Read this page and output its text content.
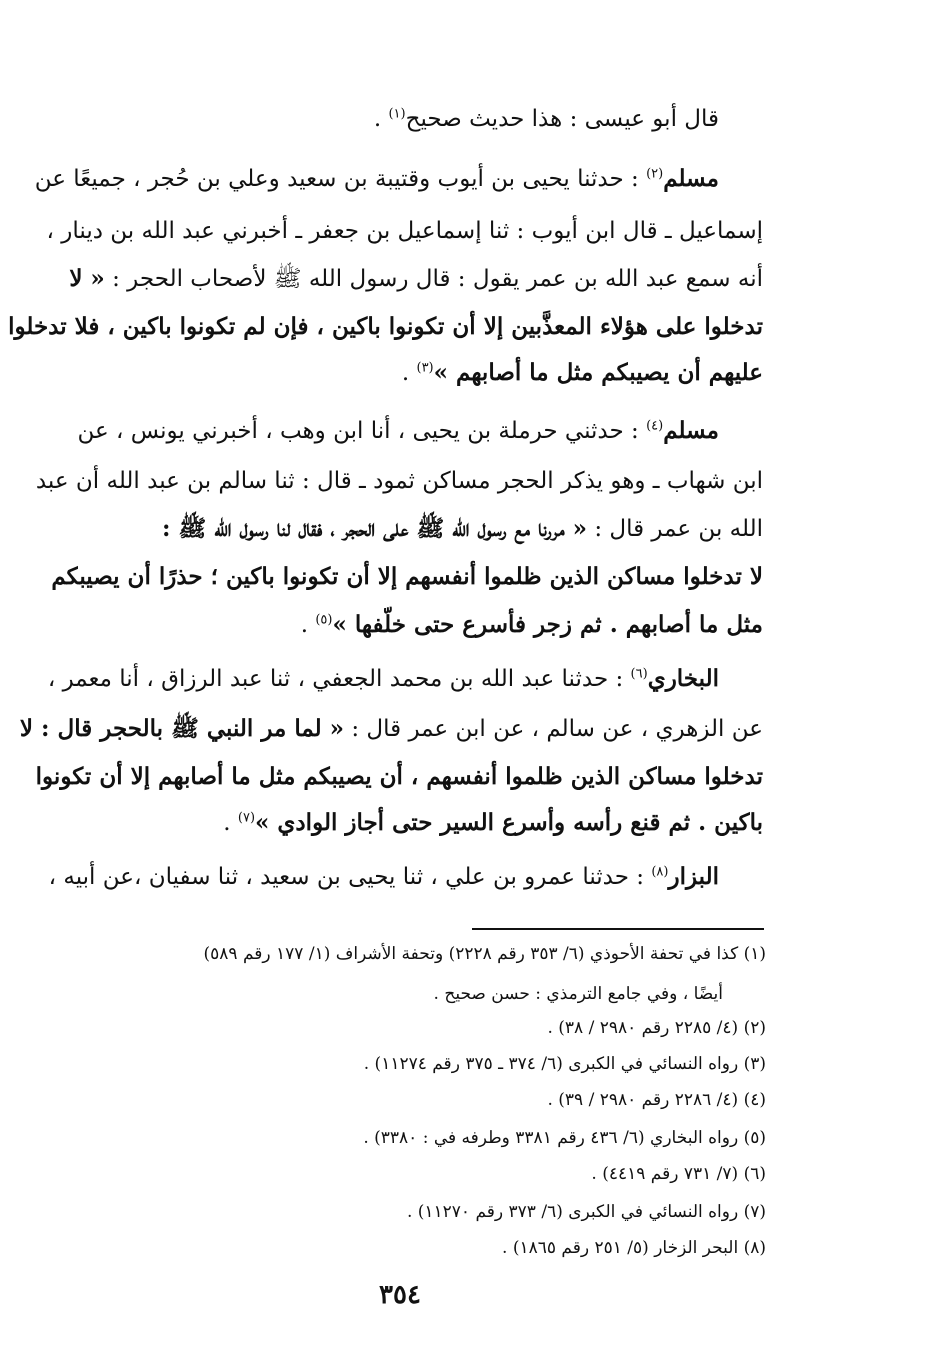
قال أبو عيسى : هذا حديث صحيح$^{(١)}$ .
مسلم$^{(٢)}$ : حدثنا يحيى بن أيوب وقتيبة بن سعيد وعلي بن حُجر ، جميعًا عن
إسماعيل ـ قال ابن أيوب : ثنا إسماعيل بن جعفر ـ أخبرني عبد الله بن دينار ،
أنه سمع عبد الله بن عمر يقول : قال رسول الله ﷺ لأصحاب الحجر : « لا
تدخلوا على هؤلاء المعذَّبين إلا أن تكونوا باكين ، فإن لم تكونوا باكين ، فلا تدخلوا
عليهم أن يصيبكم مثل ما أصابهم »$^{(٣)}$ .
مسلم$^{(٤)}$ : حدثني حرملة بن يحيى ، أنا ابن وهب ، أخبرني يونس ، عن
ابن شهاب ـ وهو يذكر الحجر مساكن ثمود ـ قال : ثنا سالم بن عبد الله أن عبد
الله بن عمر قال : « مررنا مع رسول الله ﷺ على الحجر ، فقال لنا رسول الله ﷺ :
لا تدخلوا مساكن الذين ظلموا أنفسهم إلا أن تكونوا باكين ؛ حذرًا أن يصيبكم
مثل ما أصابهم . ثم زجر فأسرع حتى خلّفها »$^{(٥)}$ .
البخاري$^{(٦)}$ : حدثنا عبد الله بن محمد الجعفي ، ثنا عبد الرزاق ، أنا معمر ،
عن الزهري ، عن سالم ، عن ابن عمر قال : « لما مر النبي ﷺ بالحجر قال : لا
تدخلوا مساكن الذين ظلموا أنفسهم ، أن يصيبكم مثل ما أصابهم إلا أن تكونوا
باكين . ثم قنع رأسه وأسرع السير حتى أجاز الوادي »$^{(٧)}$ .
البزار$^{(٨)}$ : حدثنا عمرو بن علي ، ثنا يحيى بن سعيد ، ثنا سفيان ،عن أبيه ،
(١) كذا في تحفة الأحوذي (٦/ ٣٥٣ رقم ٢٢٢٨) وتحفة الأشراف (١/ ١٧٧ رقم ٥٨٩)
أيضًا ، وفي جامع الترمذي : حسن صحيح .
(٢) (٤/ ٢٢٨٥ رقم ٢٩٨٠ / ٣٨) .
(٣) رواه النسائي في الكبرى (٦/ ٣٧٤ ـ ٣٧٥ رقم ١١٢٧٤) .
(٤) (٤/ ٢٢٨٦ رقم ٢٩٨٠ / ٣٩) .
(٥) رواه البخاري (٦/ ٤٣٦ رقم ٣٣٨١ وطرفه في : ٣٣٨٠) .
(٦) (٧/ ٧٣١ رقم ٤٤١٩) .
(٧) رواه النسائي في الكبرى (٦/ ٣٧٣ رقم ١١٢٧٠) .
(٨) البحر الزخار (٥/ ٢٥١ رقم ١٨٦٥) .
٣٥٤
